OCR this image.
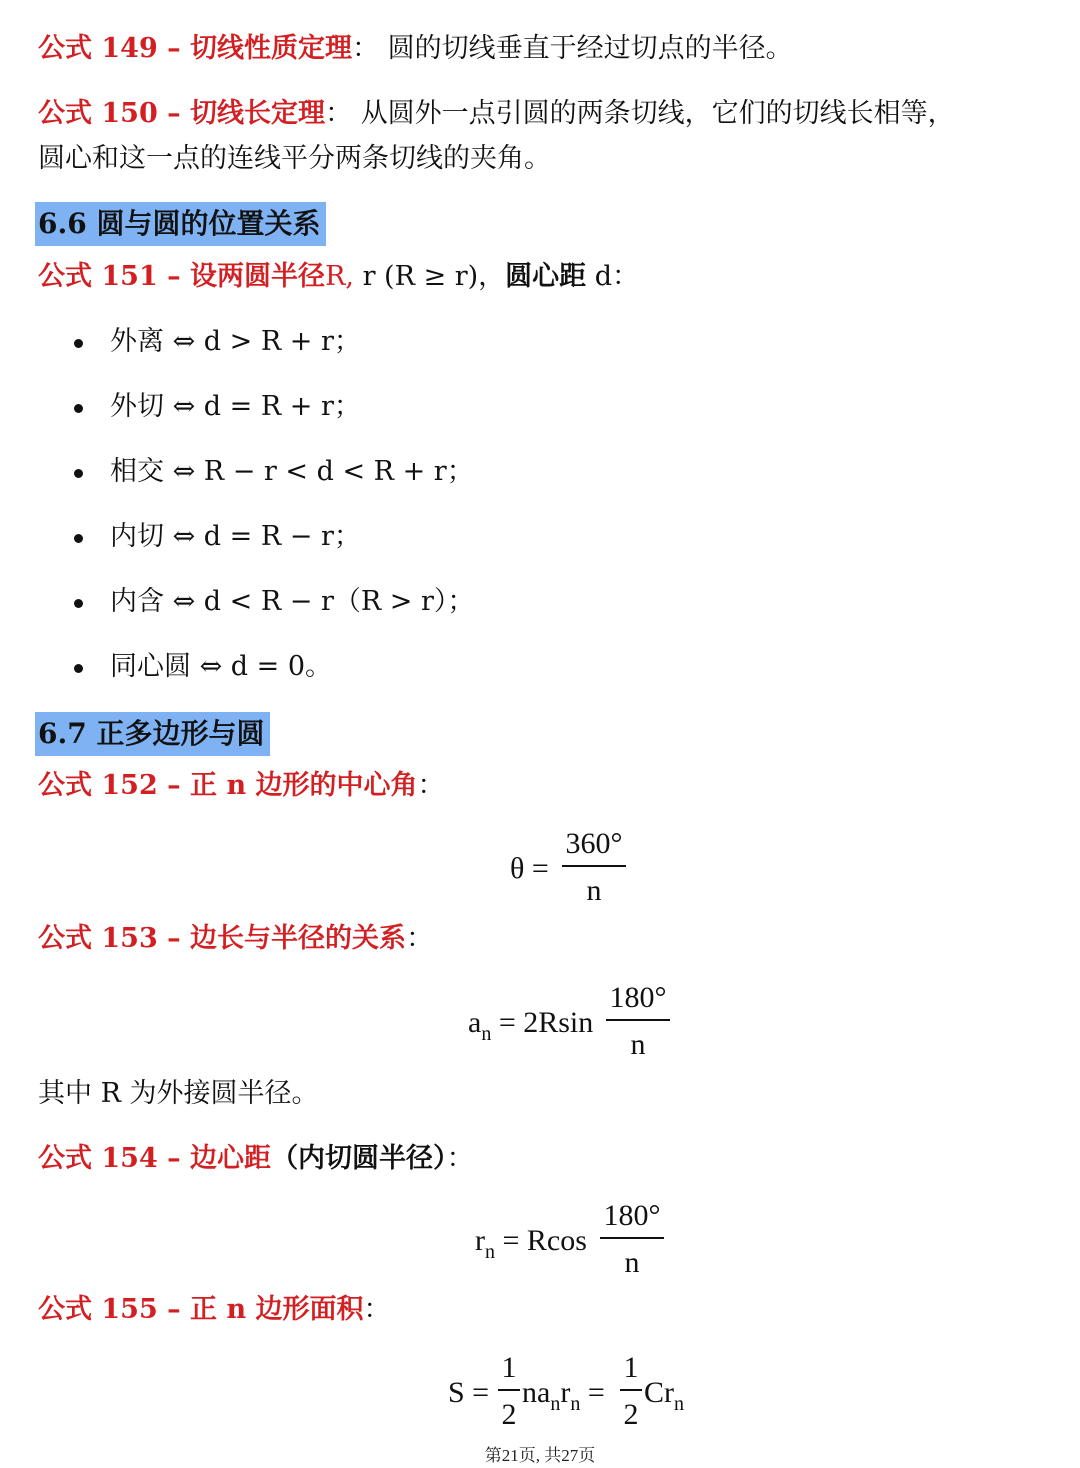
公式 149 – 切线性质定理： 圆的切线垂直于经过切点的半径。
公式 150 – 切线长定理： 从圆外一点引圆的两条切线，它们的切线长相等，
圆心和这一点的连线平分两条切线的夹角。
6.6 圆与圆的位置关系
公式 151 – 设两圆半径R, r (R ≥ r)，圆心距 d：
外离 ⇔ d > R + r；
外切 ⇔ d = R + r；
相交 ⇔ R − r < d < R + r；
内切 ⇔ d = R − r；
内含 ⇔ d < R − r（R > r）；
同心圆 ⇔ d = 0。
6.7 正多边形与圆
公式 152 – 正 n 边形的中心角：
θ =
360°
n
公式 153 – 边长与半径的关系：
$a_n = 2Rsin$
180°
n
其中 R 为外接圆半径。
公式 154 – 边心距（内切圆半径）：
$r_n = Rcos$
180°
n
公式 155 – 正 n 边形面积：
S =
1
2
$na_nr_n$ =
1
2
$Cr_n$
第21页, 共27页
